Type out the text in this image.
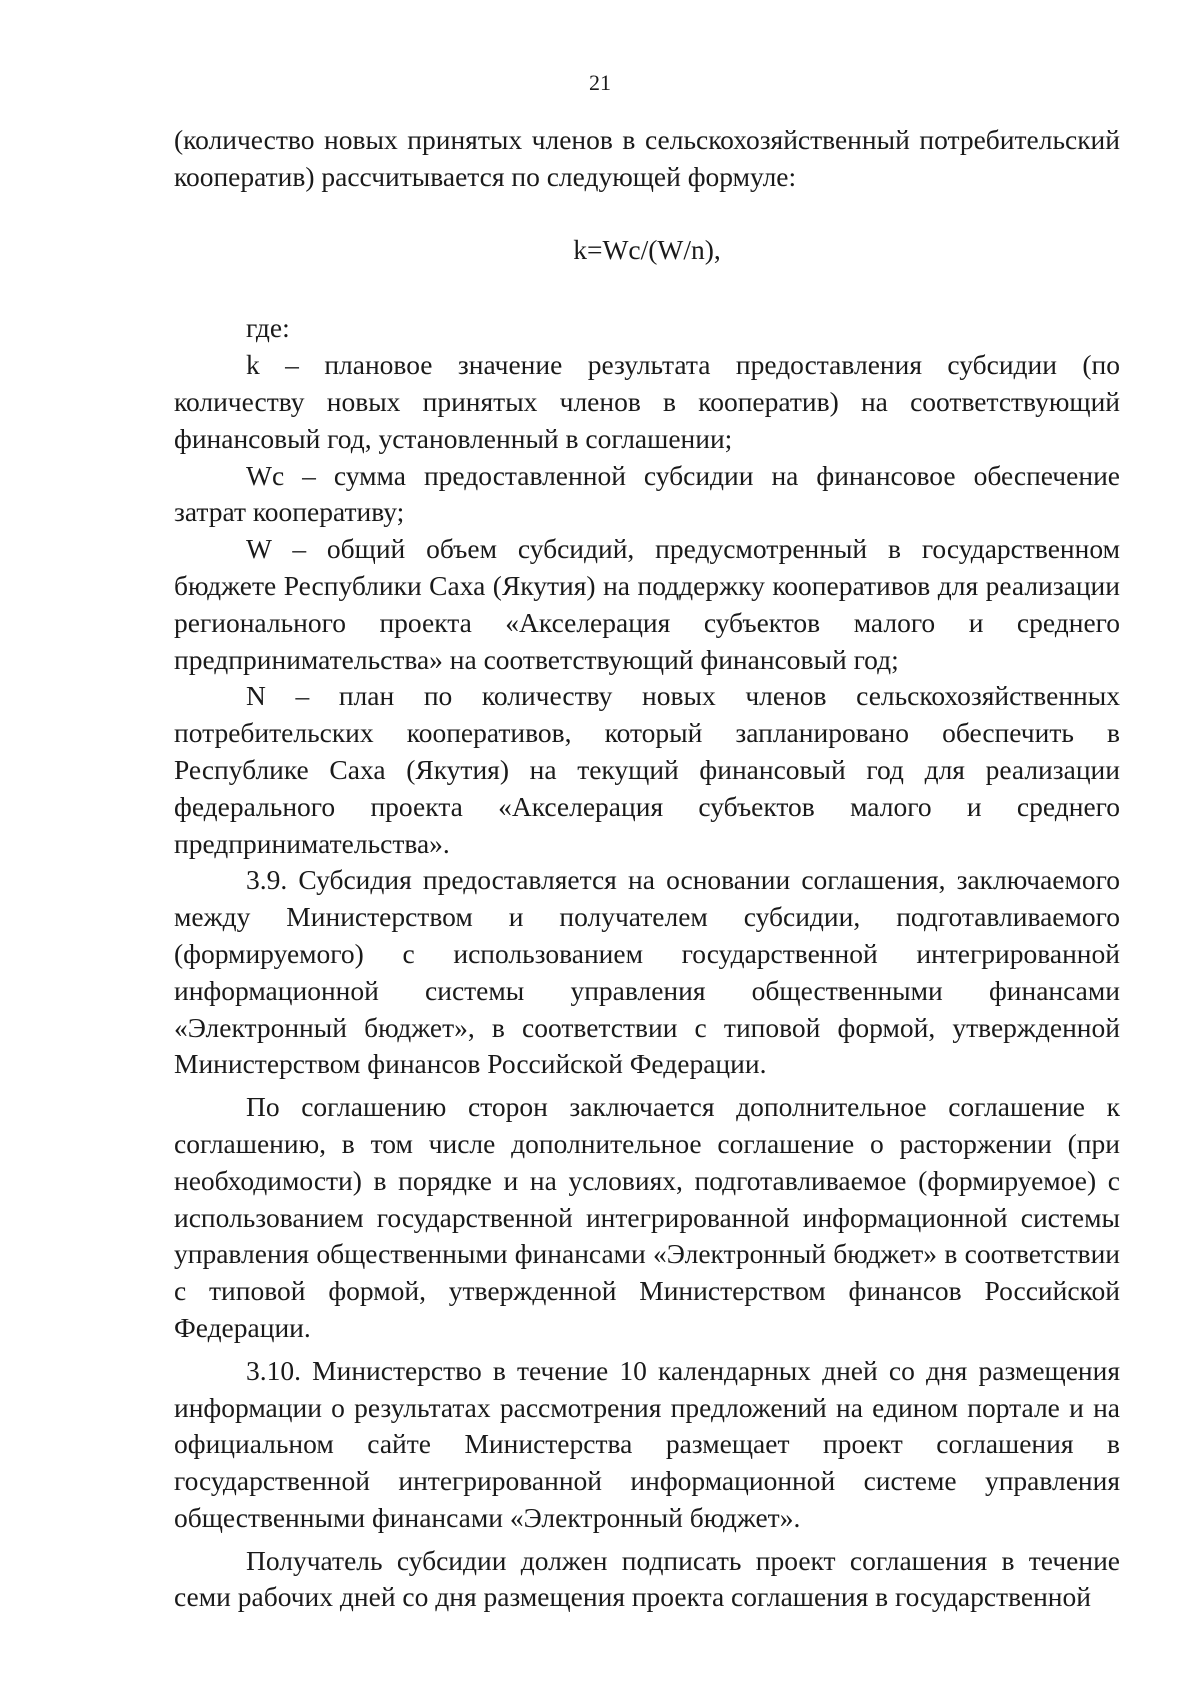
21

(количество новых принятых членов в сельскохозяйственный потребительский кооператив) рассчитывается по следующей формуле:

k=Wc/(W/n),

где:

k – плановое значение результата предоставления субсидии (по количеству новых принятых членов в кооператив) на соответствующий финансовый год, установленный в соглашении;

Wc – сумма предоставленной субсидии на финансовое обеспечение затрат кооперативу;

W – общий объем субсидий, предусмотренный в государственном бюджете Республики Саха (Якутия) на поддержку кооперативов для реализации регионального проекта «Акселерация субъектов малого и среднего предпринимательства» на соответствующий финансовый год;

N – план по количеству новых членов сельскохозяйственных потребительских кооперативов, который запланировано обеспечить в Республике Саха (Якутия) на текущий финансовый год для реализации федерального проекта «Акселерация субъектов малого и среднего предпринимательства».

3.9. Субсидия предоставляется на основании соглашения, заключаемого между Министерством и получателем субсидии, подготавливаемого (формируемого) с использованием государственной интегрированной информационной системы управления общественными финансами «Электронный бюджет», в соответствии с типовой формой, утвержденной Министерством финансов Российской Федерации.

По соглашению сторон заключается дополнительное соглашение к соглашению, в том числе дополнительное соглашение о расторжении (при необходимости) в порядке и на условиях, подготавливаемое (формируемое) с использованием государственной интегрированной информационной системы управления общественными финансами «Электронный бюджет» в соответствии с типовой формой, утвержденной Министерством финансов Российской Федерации.

3.10. Министерство в течение 10 календарных дней со дня размещения информации о результатах рассмотрения предложений на едином портале и на официальном сайте Министерства размещает проект соглашения в государственной интегрированной информационной системе управления общественными финансами «Электронный бюджет».

Получатель субсидии должен подписать проект соглашения в течение семи рабочих дней со дня размещения проекта соглашения в государственной
